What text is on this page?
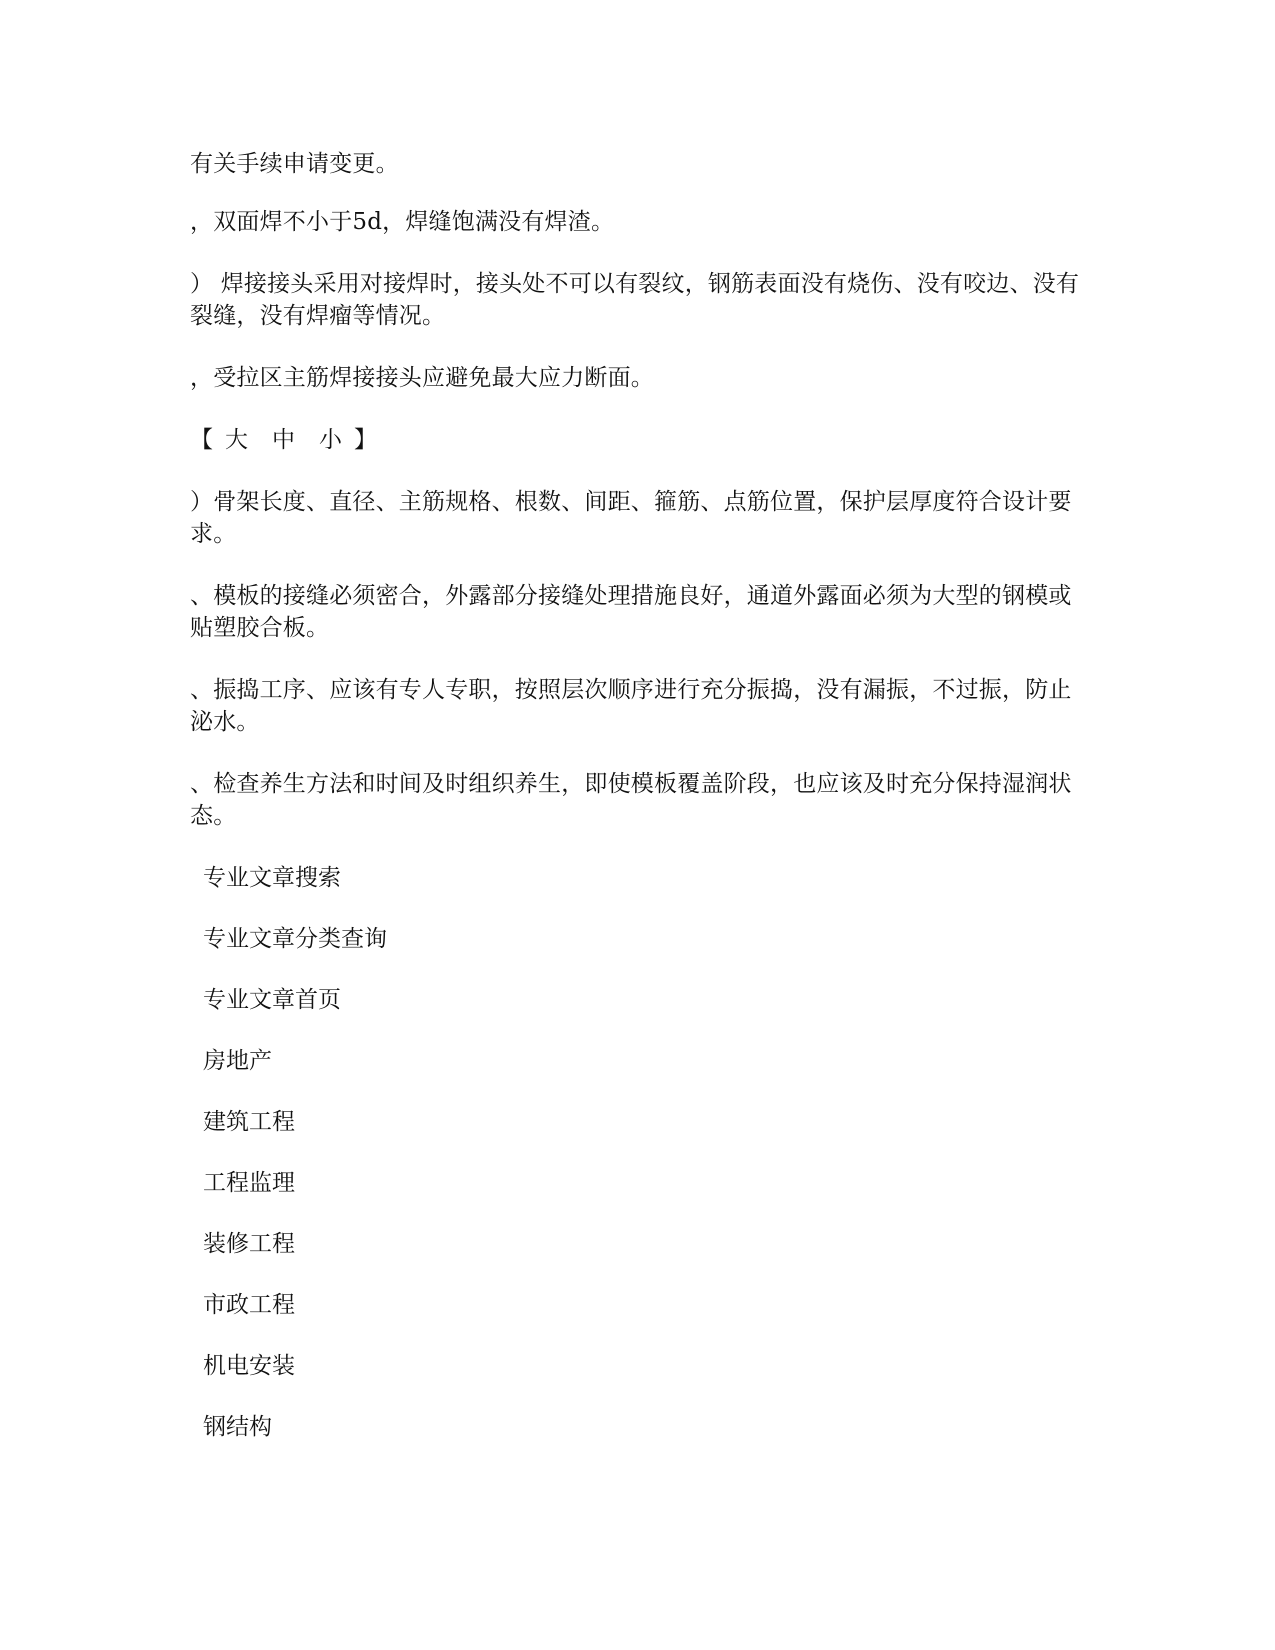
有关手续申请变更。

，双面焊不小于5d，焊缝饱满没有焊渣。

） 焊接接头采用对接焊时，接头处不可以有裂纹，钢筋表面没有烧伤、没有咬边、没有裂缝，没有焊瘤等情况。

，受拉区主筋焊接接头应避免最大应力断面。

【 大	中	小 】

）骨架长度、直径、主筋规格、根数、间距、箍筋、点筋位置，保护层厚度符合设计要求。

、模板的接缝必须密合，外露部分接缝处理措施良好，通道外露面必须为大型的钢模或贴塑胶合板。

、振捣工序、应该有专人专职，按照层次顺序进行充分振捣，没有漏振，不过振，防止泌水。

、检查养生方法和时间及时组织养生，即使模板覆盖阶段，也应该及时充分保持湿润状态。

专业文章搜索
专业文章分类查询
专业文章首页
房地产
建筑工程
工程监理
装修工程
市政工程
机电安装
钢结构
